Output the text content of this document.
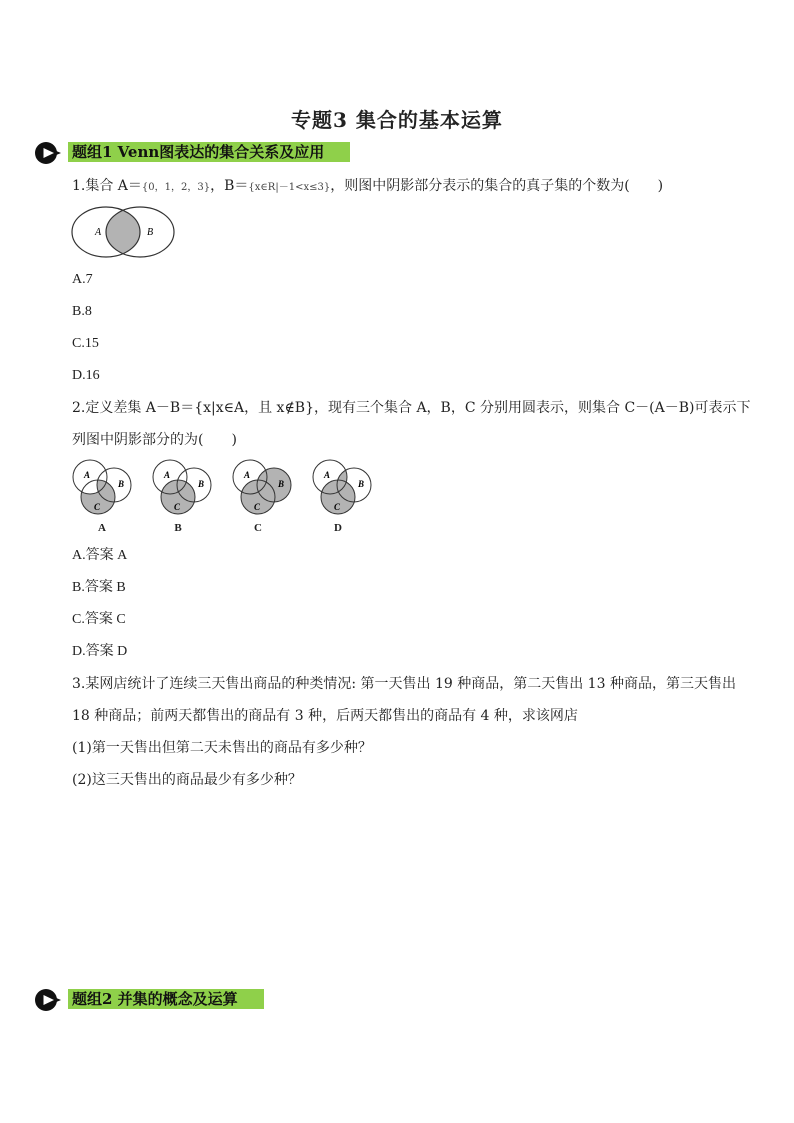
专题3 集合的基本运算
题组1 Venn图表达的集合关系及应用
1.集合 A＝{0，1，2，3}，B＝{x∈R|－1<x≤3}，则图中阴影部分表示的集合的真子集的个数为(　　)
A	B
A.7
B.8
C.15
D.16
2.定义差集 A－B＝{x|x∈A，且 x∉B}，现有三个集合 A，B，C 分别用圆表示，则集合 C－(A－B)可表示下
列图中阴影部分的为(　　)
A
B
C
A
B
C
A
B
C
A
B
C
A	B	C	D
A.答案 A
B.答案 B
C.答案 C
D.答案 D
3.某网店统计了连续三天售出商品的种类情况: 第一天售出 19 种商品，第二天售出 13 种商品，第三天售出
18 种商品；前两天都售出的商品有 3 种，后两天都售出的商品有 4 种，求该网店
(1)第一天售出但第二天未售出的商品有多少种？
(2)这三天售出的商品最少有多少种？
题组2 并集的概念及运算
